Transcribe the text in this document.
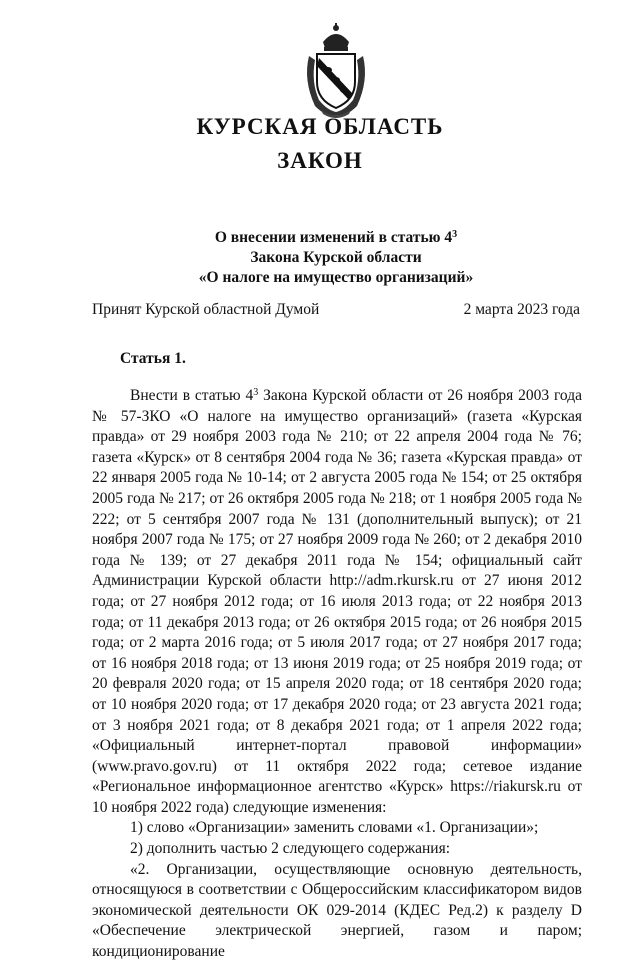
КУРСКАЯ ОБЛАСТЬ
ЗАКОН
О внесении изменений в статью $4^3$
Закона Курской области
«О налоге на имущество организаций»
Принят Курской областной Думой	2 марта 2023 года
Статья 1.

Внести в статью $4^3$ Закона Курской области от 26 ноября 2003 года № 57-ЗКО «О налоге на имущество организаций» (газета «Курская правда» от 29 ноября 2003 года № 210; от 22 апреля 2004 года № 76; газета «Курск» от 8 сентября 2004 года № 36; газета «Курская правда» от 22 января 2005 года № 10-14; от 2 августа 2005 года № 154; от 25 октября 2005 года № 217; от 26 октября 2005 года № 218; от 1 ноября 2005 года № 222; от 5 сентября 2007 года № 131 (дополнительный выпуск); от 21 ноября 2007 года № 175; от 27 ноября 2009 года № 260; от 2 декабря 2010 года № 139; от 27 декабря 2011 года № 154; официальный сайт Администрации Курской области http://adm.rkursk.ru от 27 июня 2012 года; от 27 ноября 2012 года; от 16 июля 2013 года; от 22 ноября 2013 года; от 11 декабря 2013 года; от 26 октября 2015 года; от 26 ноября 2015 года; от 2 марта 2016 года; от 5 июля 2017 года; от 27 ноября 2017 года; от 16 ноября 2018 года; от 13 июня 2019 года; от 25 ноября 2019 года; от 20 февраля 2020 года; от 15 апреля 2020 года; от 18 сентября 2020 года; от 10 ноября 2020 года; от 17 декабря 2020 года; от 23 августа 2021 года; от 3 ноября 2021 года; от 8 декабря 2021 года; от 1 апреля 2022 года; «Официальный интернет-портал правовой информации» (www.pravo.gov.ru) от 11 октября 2022 года; сетевое издание «Региональное информационное агентство «Курск» https://riakursk.ru от 10 ноября 2022 года) следующие изменения:

1) слово «Организации» заменить словами «1. Организации»;

2) дополнить частью 2 следующего содержания:

«2. Организации, осуществляющие основную деятельность, относящуюся в соответствии с Общероссийским классификатором видов экономической деятельности ОК 029-2014 (КДЕС Ред.2) к разделу D «Обеспечение электрической энергией, газом и паром; кондиционирование
